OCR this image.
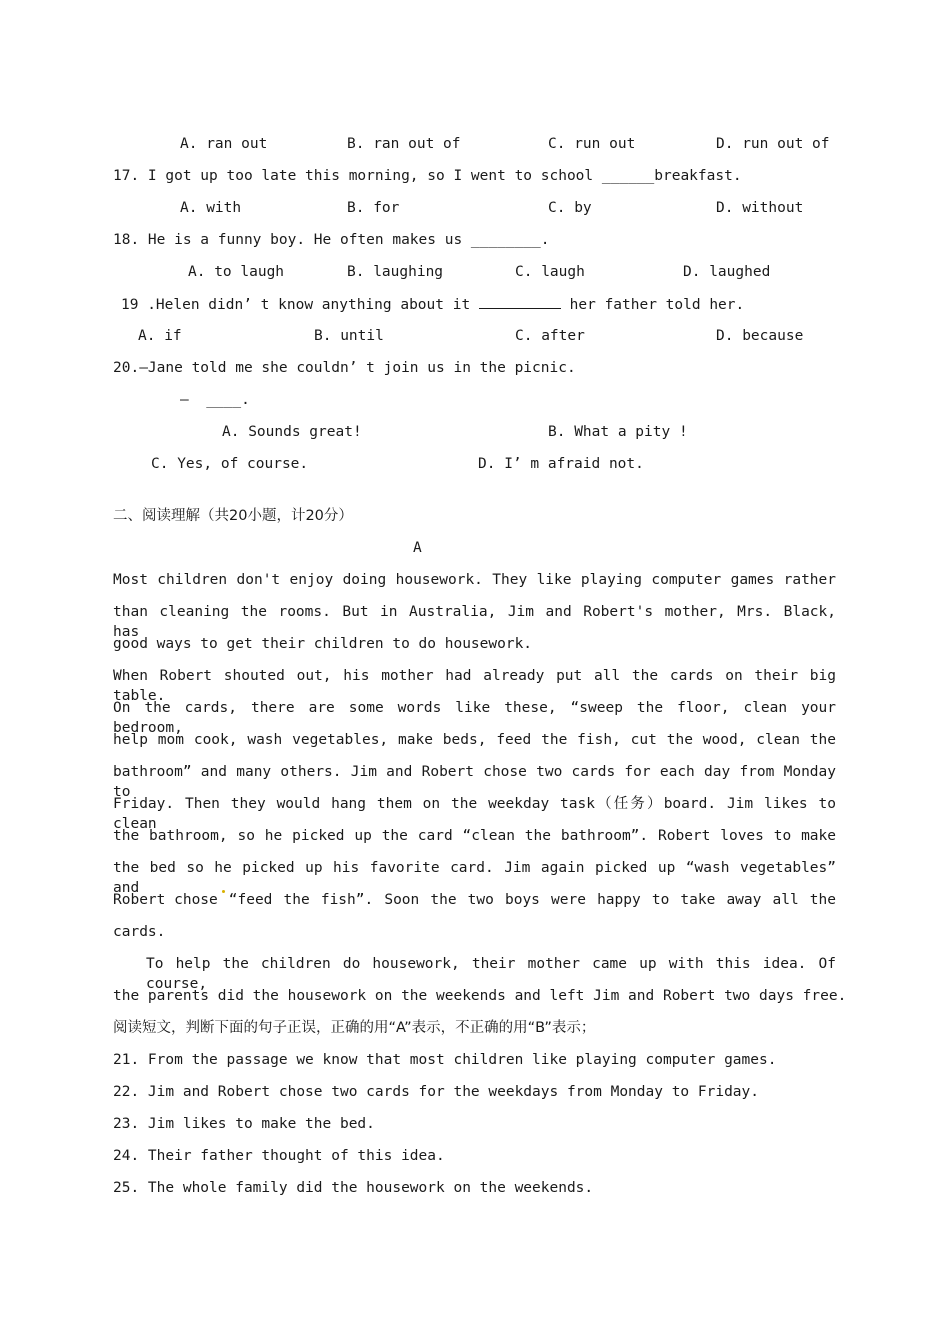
A. ran out	B. ran out of	C. run out	D. run out of
17. I got up too late this morning, so I went to school ______breakfast.
A. with	B. for	C. by	D. without
18. He is a funny boy. He often makes us ________.
A. to laugh	B. laughing	C. laugh	D. laughed
19 .Helen didn’ t know anything about it	her father told her.
A. if	B. until	C. after	D. because
20.—Jane told me she couldn’ t join us in the picnic.
—  ____.
A. Sounds great!	B. What a pity !
C. Yes, of course.	D. I’ m afraid not.
二、阅读理解（共20小题，计20分）
A
Most children don't enjoy doing housework. They like playing computer games rather
than cleaning the rooms. But in Australia, Jim and Robert's mother, Mrs. Black, has
good ways to get their children to do housework.
When Robert shouted out, his mother had already put all the cards on their big table.
On the cards, there are some words like these, “sweep the floor, clean your bedroom,
help mom cook, wash vegetables, make beds, feed the fish, cut the wood, clean the
bathroom” and many others. Jim and Robert chose two cards for each day from Monday to
Friday. Then they would hang them on the weekday task（任务）board. Jim likes to clean
the bathroom, so he picked up the card “clean the bathroom”. Robert loves to make
the bed so he picked up his favorite card. Jim again picked up “wash vegetables” and
Robert chose “feed the fish”. Soon the two boys were happy to take away all the
cards.
To help the children do housework, their mother came up with this idea. Of course,
the parents did the housework on the weekends and left Jim and Robert two days free.
阅读短文，判断下面的句子正误，正确的用“A”表示，不正确的用“B”表示；
21. From the passage we know that most children like playing computer games.
22. Jim and Robert chose two cards for the weekdays from Monday to Friday.
23. Jim likes to make the bed.
24. Their father thought of this idea.
25. The whole family did the housework on the weekends.
